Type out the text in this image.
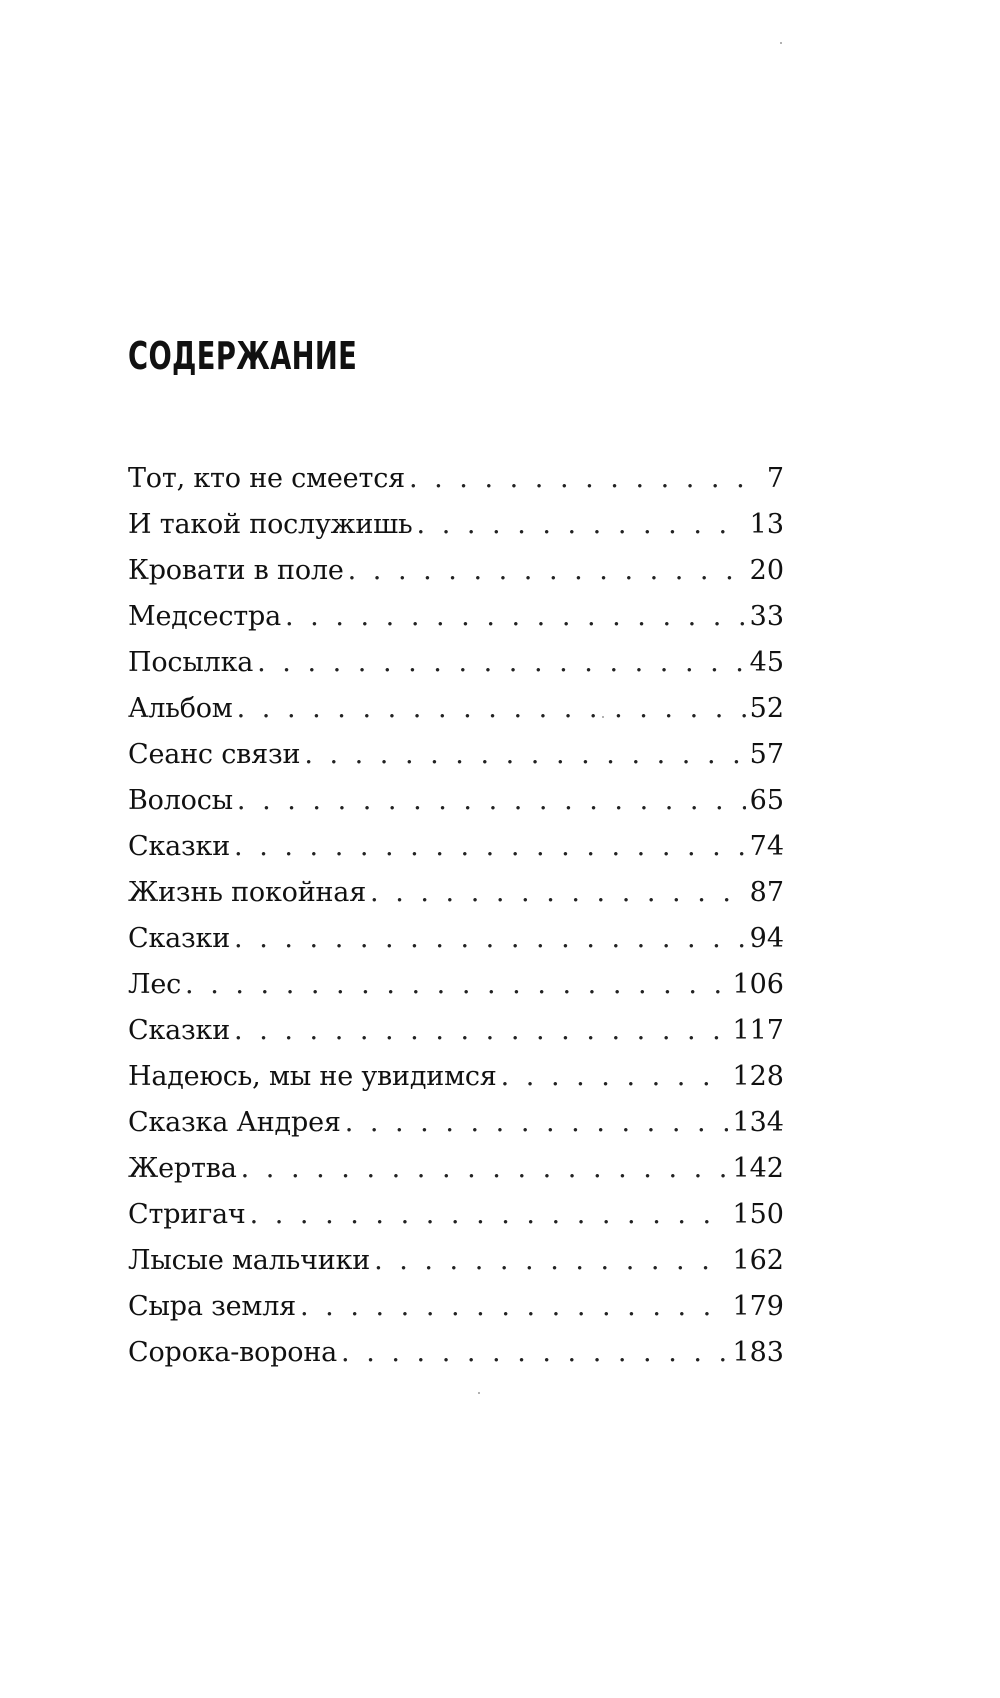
СОДЕРЖАНИЕ
Тот, кто не смеется . . .	7
И такой послужишь . . .	13
Кровати в поле . . .	20
Медсестра . . .	33
Посылка . . .	45
Альбом . . .	52
Сеанс связи . . .	57
Волосы . . .	65
Сказки . . .	74
Жизнь покойная . . .	87
Сказки . . .	94
Лес . . .	106
Сказки . . .	117
Надеюсь, мы не увидимся . . .	128
Сказка Андрея . . .	134
Жертва . . .	142
Стригач . . .	150
Лысые мальчики . . .	162
Сыра земля . . .	179
Сорока-ворона . . .	183
